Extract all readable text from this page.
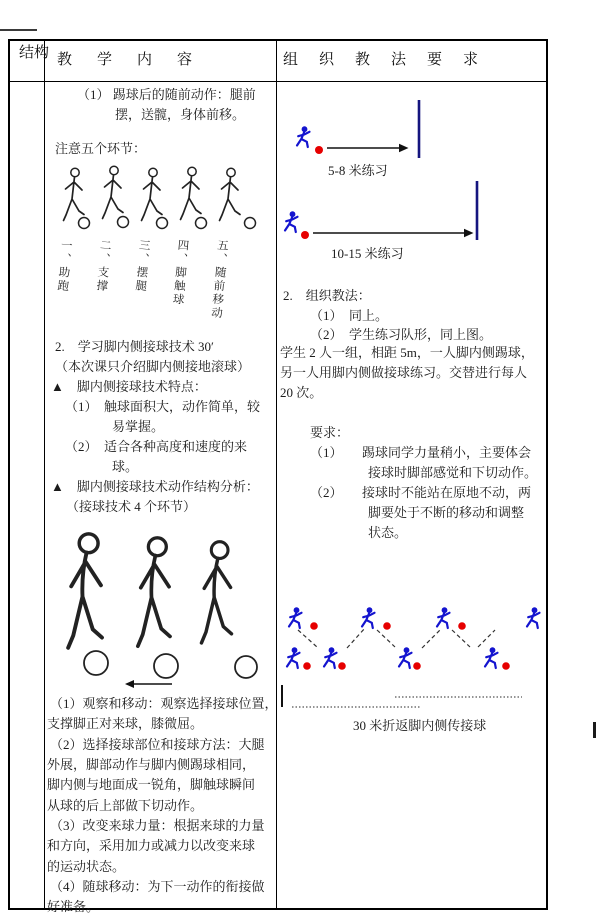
结构 教学内容	组织教法要求
（1） 踢球后的随前动作：腿前
摆，送髋，身体前移。
注意五个环节：
一、助跑 二、支撑 三、摆腿 四、脚触球 五、随前移动
2.    学习脚内侧接球技术 30′
（本次课只介绍脚内侧接地滚球）
▲　脚内侧接球技术特点：
（1）　触球面积大，动作简单，较
易掌握。
（2）　适合各种高度和速度的来
球。
▲　脚内侧接球技术动作结构分析：
（接球技术 4 个环节）
（1）观察和移动：观察选择接球位置，
支撑脚正对来球，膝微屈。
（2）选择接球部位和接球方法：大腿
外展，脚部动作与脚内侧踢球相同，
脚内侧与地面成一锐角，脚触球瞬间
从球的后上部做下切动作。
（3）改变来球力量：根据来球的力量
和方向，采用加力或减力以改变来球
的运动状态。
（4）随球移动：为下一动作的衔接做
好准备。
5-8 米练习
10-15 米练习
2.    组织教法：
（1）　同上。
（2）　学生练习队形，同上图。
学生 2 人一组，相距 5m，一人脚内侧踢球，
另一人用脚内侧做接球练习。交替进行每人
20 次。
要求：
（1）　　踢球同学力量稍小，主要体会
接球时脚部感觉和下切动作。
（2）　　接球时不能站在原地不动，两
脚要处于不断的移动和调整
状态。
30 米折返脚内侧传接球
